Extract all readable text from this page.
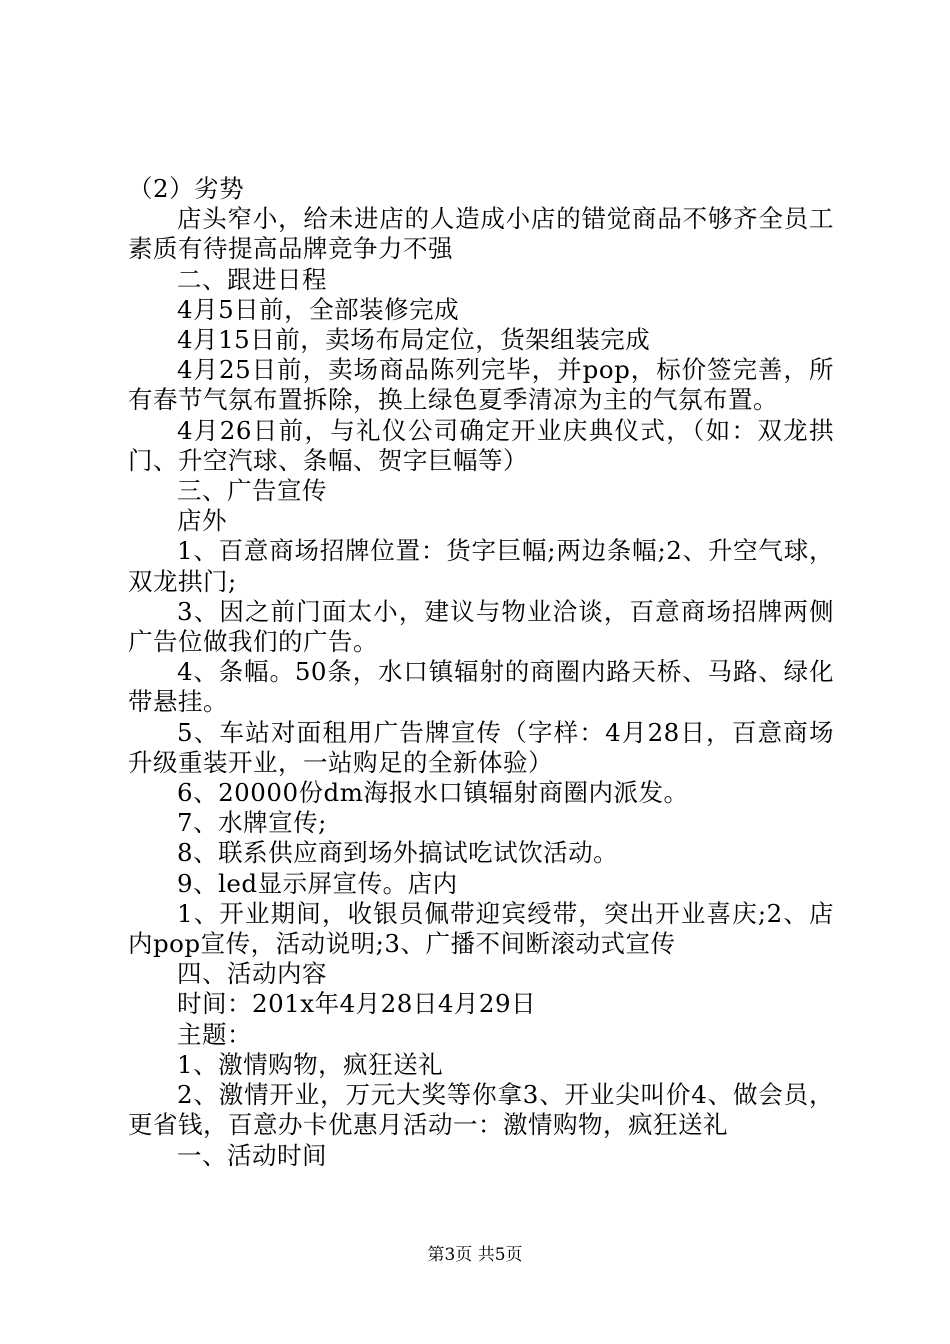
（2）劣势

店头窄小，给未进店的人造成小店的错觉商品不够齐全员工素质有待提高品牌竞争力不强

二、跟进日程

4月5日前，全部装修完成

4月15日前，卖场布局定位，货架组装完成

4月25日前，卖场商品陈列完毕，并pop，标价签完善，所有春节气氛布置拆除，换上绿色夏季清凉为主的气氛布置。

4月26日前，与礼仪公司确定开业庆典仪式，（如：双龙拱门、升空汽球、条幅、贺字巨幅等）

三、广告宣传

店外

1、百意商场招牌位置：货字巨幅;两边条幅;2、升空气球，双龙拱门;

3、因之前门面太小，建议与物业洽谈，百意商场招牌两侧广告位做我们的广告。

4、条幅。50条，水口镇辐射的商圈内路天桥、马路、绿化带悬挂。

5、车站对面租用广告牌宣传（字样：4月28日，百意商场升级重装开业，一站购足的全新体验）

6、20000份dm海报水口镇辐射商圈内派发。

7、水牌宣传;

8、联系供应商到场外搞试吃试饮活动。

9、led显示屏宣传。店内

1、开业期间，收银员佩带迎宾绶带，突出开业喜庆;2、店内pop宣传，活动说明;3、广播不间断滚动式宣传

四、活动内容

时间：201x年4月28日4月29日

主题：

1、激情购物，疯狂送礼

2、激情开业，万元大奖等你拿3、开业尖叫价4、做会员，更省钱，百意办卡优惠月活动一：激情购物，疯狂送礼

一、活动时间

第3页 共5页
